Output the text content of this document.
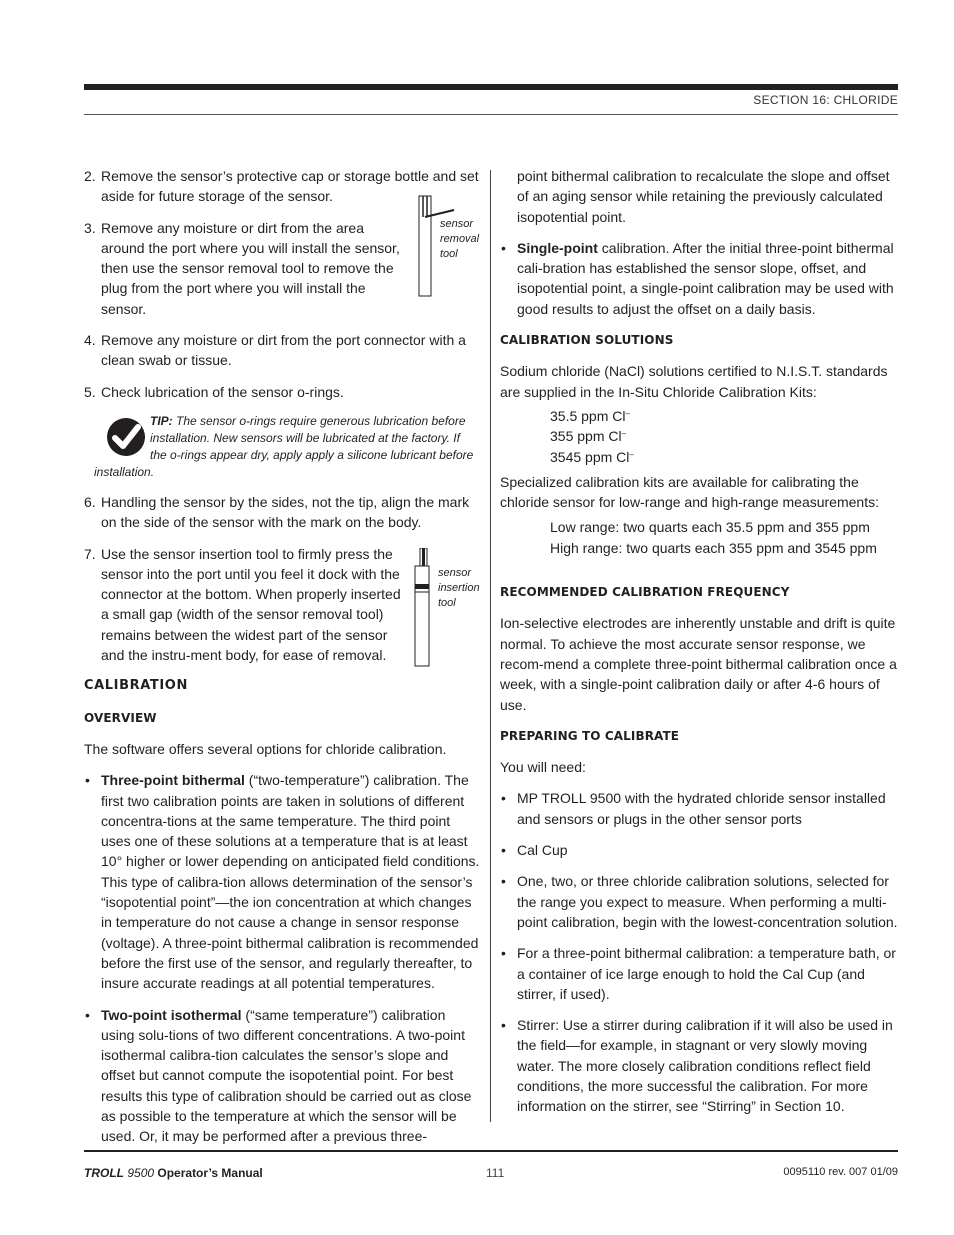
SECTION 16: CHLORIDE
2. Remove the sensor’s protective cap or storage bottle and set aside for future storage of the sensor.

3. Remove any moisture or dirt from the area around the port where you will install the sensor, then use the sensor removal tool to remove the plug from the port where you will install the sensor.

sensor
removal
tool
4. Remove any moisture or dirt from the port connector with a clean swab or tissue.

5. Check lubrication of the sensor o-rings.

TIP: The sensor o-rings require generous lubrication before
installation. New sensors will be lubricated at the factory. If
the o-rings appear dry, apply apply a silicone lubricant before
installation.
6. Handling the sensor by the sides, not the tip, align the mark on the side of the sensor with the mark on the body.

7. Use the sensor insertion tool to firmly press the sensor into the port until you feel it dock with the connector at the bottom. When properly inserted a small gap (width of the sensor removal tool) remains between the widest part of the sensor and the instru-ment body, for ease of removal.

sensor
insertion
tool

CALIBRATION

OVERVIEW

The software offers several options for chloride calibration.

• Three-point bithermal (“two-temperature”) calibration. The first two calibration points are taken in solutions of different concentra-tions at the same temperature. The third point uses one of these solutions at a temperature that is at least 10° higher or lower depending on anticipated field conditions. This type of calibra-tion allows determination of the sensor’s “isopotential point”—the ion concentration at which changes in temperature do not cause a change in sensor response (voltage). A three-point bithermal calibration is recommended before the first use of the sensor, and regularly thereafter, to insure accurate readings at all potential temperatures.

• Two-point isothermal (“same temperature”) calibration using solu-tions of two different concentrations. A two-point isothermal calibra-tion calculates the sensor’s slope and offset but cannot compute the isopotential point. For best results this type of calibration should be carried out as close as possible to the temperature at which the sensor will be used. Or, it may be performed after a previous three-

point bithermal calibration to recalculate the slope and offset of an aging sensor while retaining the previously calculated isopotential point.

• Single-point calibration. After the initial three-point bithermal cali-bration has established the sensor slope, offset, and isopotential point, a single-point calibration may be used with good results to adjust the offset on a daily basis.

CALIBRATION SOLUTIONS

Sodium chloride (NaCl) solutions certified to N.I.S.T. standards are supplied in the In-Situ Chloride Calibration Kits:

35.5 ppm Cl–
355 ppm Cl–
3545 ppm Cl–

Specialized calibration kits are available for calibrating the chloride sensor for low-range and high-range measurements:

Low range: two quarts each 35.5 ppm and 355 ppm
High range: two quarts each 355 ppm and 3545 ppm

RECOMMENDED CALIBRATION FREQUENCY

Ion-selective electrodes are inherently unstable and drift is quite normal. To achieve the most accurate sensor response, we recom-mend a complete three-point bithermal calibration once a week, with a single-point calibration daily or after 4-6 hours of use.

PREPARING TO CALIBRATE

You will need:

• MP TROLL 9500 with the hydrated chloride sensor installed and sensors or plugs in the other sensor ports

• Cal Cup

• One, two, or three chloride calibration solutions, selected for the range you expect to measure. When performing a multi-point calibration, begin with the lowest-concentration solution.

• For a three-point bithermal calibration: a temperature bath, or a container of ice large enough to hold the Cal Cup (and stirrer, if used).

• Stirrer: Use a stirrer during calibration if it will also be used in the field—for example, in stagnant or very slowly moving water. The more closely calibration conditions reflect field conditions, the more successful the calibration. For more information on the stirrer, see “Stirring” in Section 10.

TROLL 9500 Operator’s Manual	111	0095110 rev. 007 01/09
